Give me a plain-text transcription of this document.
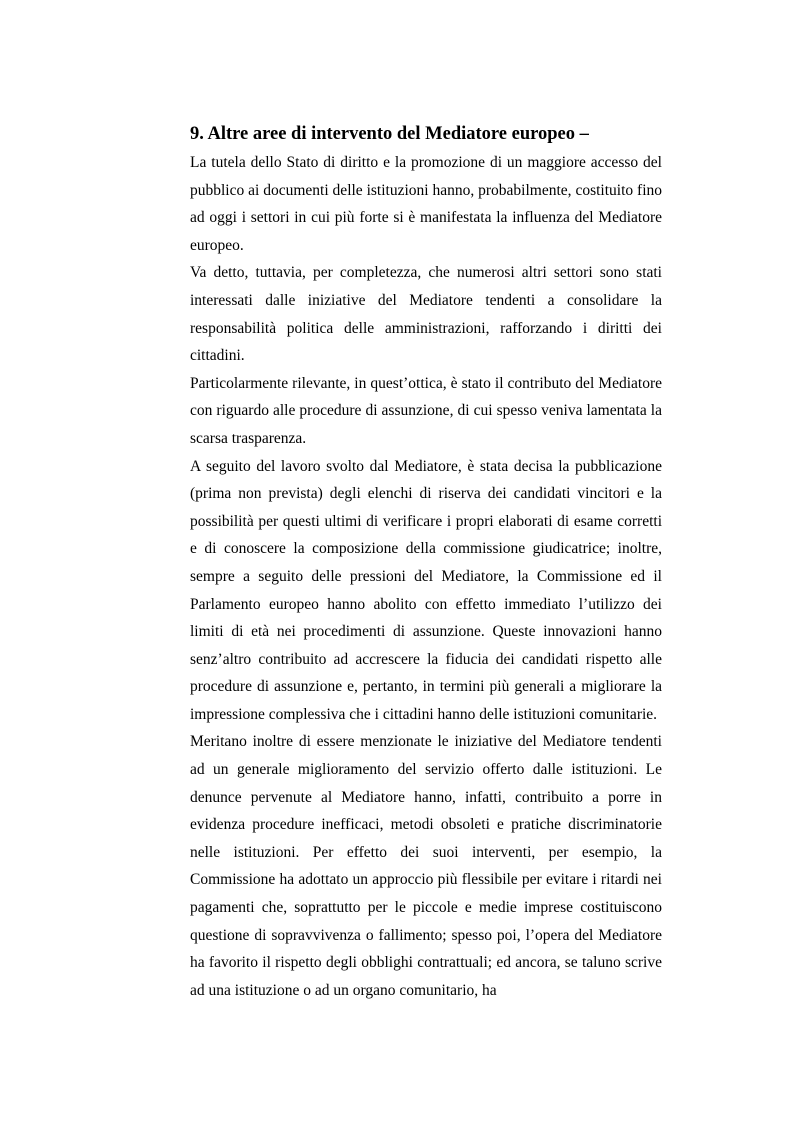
9. Altre aree di intervento del Mediatore europeo –

La tutela dello Stato di diritto e la promozione di un maggiore accesso del pubblico ai documenti delle istituzioni hanno, probabilmente, costituito fino ad oggi i settori in cui più forte si è manifestata la influenza del Mediatore europeo.

Va detto, tuttavia, per completezza, che numerosi altri settori sono stati interessati dalle iniziative del Mediatore tendenti a consolidare la responsabilità politica delle amministrazioni, rafforzando i diritti dei cittadini.

Particolarmente rilevante, in quest’ottica, è stato il contributo del Mediatore con riguardo alle procedure di assunzione, di cui spesso veniva lamentata la scarsa trasparenza.

A seguito del lavoro svolto dal Mediatore, è stata decisa la pubblicazione (prima non prevista) degli elenchi di riserva dei candidati vincitori e la possibilità per questi ultimi di verificare i propri elaborati di esame corretti e di conoscere la composizione della commissione giudicatrice; inoltre, sempre a seguito delle pressioni del Mediatore, la Commissione ed il Parlamento europeo hanno abolito con effetto immediato l’utilizzo dei limiti di età nei procedimenti di assunzione. Queste innovazioni hanno senz’altro contribuito ad accrescere la fiducia dei candidati rispetto alle procedure di assunzione e, pertanto, in termini più generali a migliorare la impressione complessiva che i cittadini hanno delle istituzioni comunitarie.

Meritano inoltre di essere menzionate le iniziative del Mediatore tendenti ad un generale miglioramento del servizio offerto dalle istituzioni. Le denunce pervenute al Mediatore hanno, infatti, contribuito a porre in evidenza procedure inefficaci, metodi obsoleti e pratiche discriminatorie nelle istituzioni. Per effetto dei suoi interventi, per esempio, la Commissione ha adottato un approccio più flessibile per evitare i ritardi nei pagamenti che, soprattutto per le piccole e medie imprese costituiscono questione di sopravvivenza o fallimento; spesso poi, l’opera del Mediatore ha favorito il rispetto degli obblighi contrattuali; ed ancora, se taluno scrive ad una istituzione o ad un organo comunitario, ha
